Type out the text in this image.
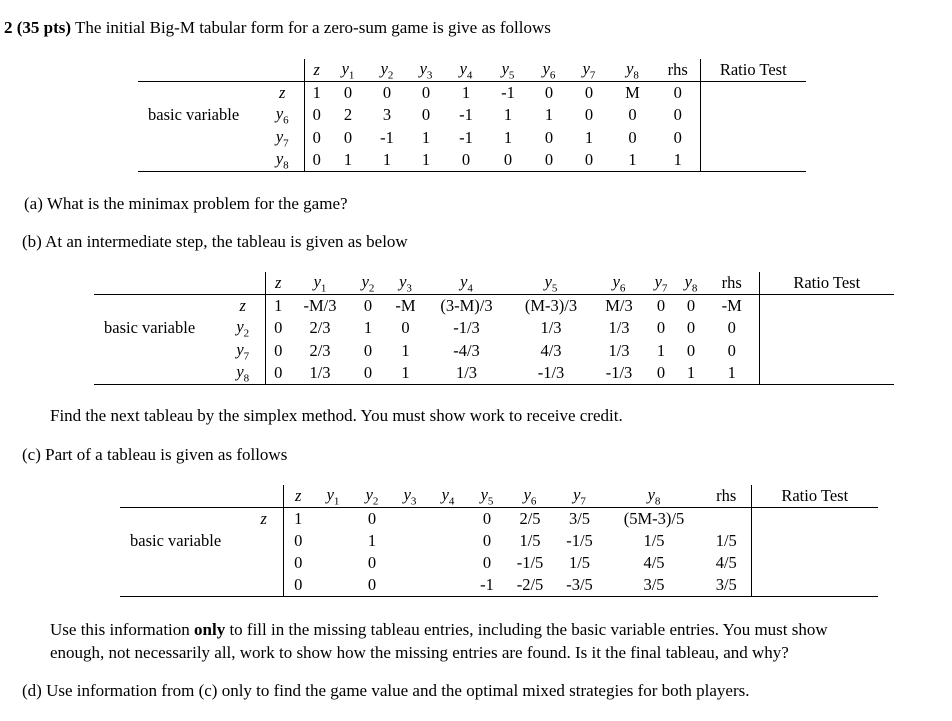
2 (35 pts) The initial Big-M tabular form for a zero-sum game is give as follows
		z	$y_1$	$y_2$	$y_3$	$y_4$	$y_5$	$y_6$	$y_7$	$y_8$	rhs	Ratio Test
	z	1	0	0	0	1	-1	0	0	M	0	
basic variable	$y_6$	0	2	3	0	-1	1	1	0	0	0	
	$y_7$	0	0	-1	1	-1	1	0	1	0	0	
	$y_8$	0	1	1	1	0	0	0	0	1	1	
(a) What is the minimax problem for the game?
(b) At an intermediate step, the tableau is given as below
		z	$y_1$	$y_2$	$y_3$	$y_4$	$y_5$	$y_6$	$y_7$	$y_8$	rhs	Ratio Test
	z	1	-M/3	0	-M	(3-M)/3	(M-3)/3	M/3	0	0	-M	
basic variable	$y_2$	0	2/3	1	0	-1/3	1/3	1/3	0	0	0	
	$y_7$	0	2/3	0	1	-4/3	4/3	1/3	1	0	0	
	$y_8$	0	1/3	0	1	1/3	-1/3	-1/3	0	1	1	
Find the next tableau by the simplex method. You must show work to receive credit.
(c) Part of a tableau is given as follows
		z	$y_1$	$y_2$	$y_3$	$y_4$	$y_5$	$y_6$	$y_7$	$y_8$	rhs	Ratio Test
	z	1		0			0	2/5	3/5	(5M-3)/5		
basic variable		0		1			0	1/5	-1/5	1/5	1/5	
		0		0			0	-1/5	1/5	4/5	4/5	
		0		0			-1	-2/5	-3/5	3/5	3/5	
Use this information only to fill in the missing tableau entries, including the basic variable entries. You must show
enough, not necessarily all, work to show how the missing entries are found. Is it the final tableau, and why?
(d) Use information from (c) only to find the game value and the optimal mixed strategies for both players.
